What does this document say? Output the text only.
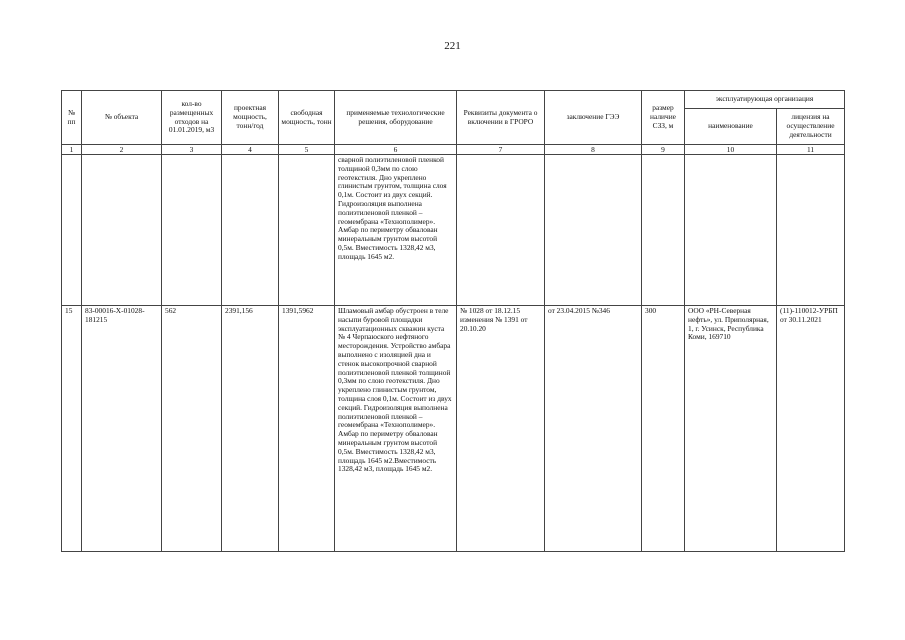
221
№ пп	№ объекта	кол-во размещенных отходов на 01.01.2019, м3	проектная мощность, тонн/год	свободная мощность, тонн	применяемые технологические решения, оборудование	Реквизиты документа о включении в ГРОРО	заключение ГЭЭ	размер наличие СЗЗ, м	эксплуатирующая организация	
									наименование	лицензия на осуществление деятельности
1	2	3	4	5	6	7	8	9	10	11
					сварной полиэтиленовой пленкой толщиной 0,3мм по слою геотекстиля. Дно укреплено глинистым грунтом, толщина слоя 0,1м. Состоит из двух секций. Гидроизоляция выполнена полиэтиленовой пленкой – геомембрана «Технополимер». Амбар по периметру обвалован минеральным грунтом высотой 0,5м. Вместимость 1328,42 м3, площадь 1645 м2.					
15	83-00016-Х-01028-181215	562	2391,156	1391,5962	Шламовый амбар обустроен в теле насыпи буровой площадки эксплуатационных скважин куста № 4 Черпаюского нефтяного месторождения. Устройство амбара выполнено с изоляцией дна и стенок высокопрочной сварной полиэтиленовой пленкой толщиной 0,3мм по слою геотекстиля. Дно укреплено глинистым грунтом, толщина слоя 0,1м. Состоит из двух секций. Гидроизоляция выполнена полиэтиленовой пленкой – геомембрана «Технополимер». Амбар по периметру обвалован минеральным грунтом высотой 0,5м. Вместимость 1328,42 м3, площадь 1645 м2.Вместимость 1328,42 м3, площадь 1645 м2.	№ 1028 от 18.12.15 изменения № 1391 от 20.10.20	от 23.04.2015 №346	300	ООО «РН-Северная нефть», ул. Приполярная, 1, г. Усинск, Республика Коми, 169710	(11)-110012-УРБП от 30.11.2021
